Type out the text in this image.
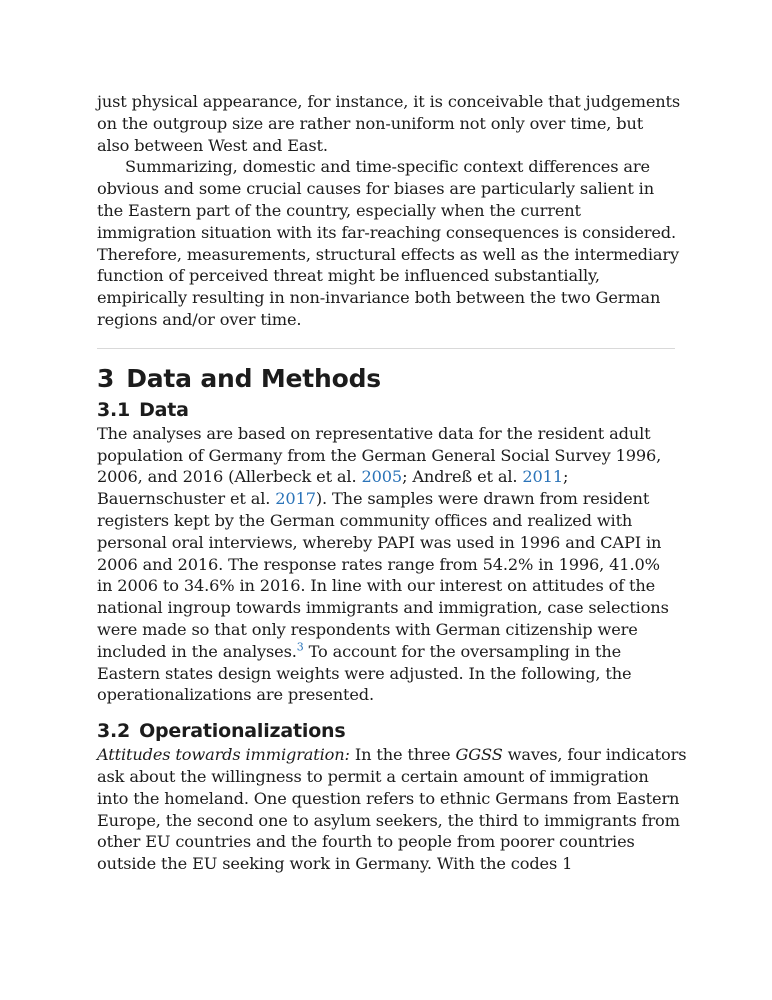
just physical appearance, for instance, it is conceivable that judgements
on the outgroup size are rather non-uniform not only over time, but
also between West and East.
Summarizing, domestic and time-specific context differences are
obvious and some crucial causes for biases are particularly salient in
the Eastern part of the country, especially when the current
immigration situation with its far-reaching consequences is considered.
Therefore, measurements, structural effects as well as the intermediary
function of perceived threat might be influenced substantially,
empirically resulting in non-invariance both between the two German
regions and/or over time.
3 Data and Methods
3.1 Data
The analyses are based on representative data for the resident adult
population of Germany from the German General Social Survey 1996,
2006, and 2016 (Allerbeck et al. 2005; Andreß et al. 2011;
Bauernschuster et al. 2017). The samples were drawn from resident
registers kept by the German community offices and realized with
personal oral interviews, whereby PAPI was used in 1996 and CAPI in
2006 and 2016. The response rates range from 54.2% in 1996, 41.0%
in 2006 to 34.6% in 2016. In line with our interest on attitudes of the
national ingroup towards immigrants and immigration, case selections
were made so that only respondents with German citizenship were
included in the analyses.$^3$ To account for the oversampling in the
Eastern states design weights were adjusted. In the following, the
operationalizations are presented.
3.2 Operationalizations
Attitudes towards immigration: In the three GGSS waves, four indicators
ask about the willingness to permit a certain amount of immigration
into the homeland. One question refers to ethnic Germans from Eastern
Europe, the second one to asylum seekers, the third to immigrants from
other EU countries and the fourth to people from poorer countries
outside the EU seeking work in Germany. With the codes 1
